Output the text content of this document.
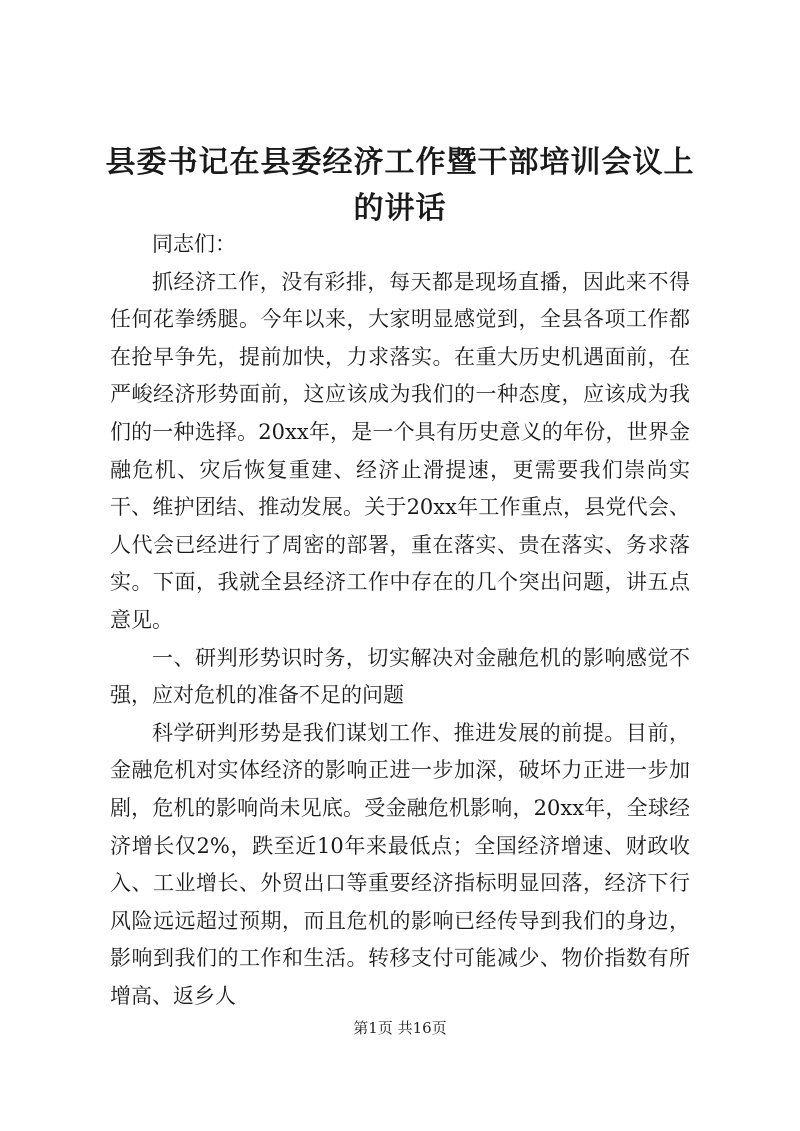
县委书记在县委经济工作暨干部培训会议上的讲话

同志们：

抓经济工作，没有彩排，每天都是现场直播，因此来不得任何花拳绣腿。今年以来，大家明显感觉到，全县各项工作都在抢早争先，提前加快，力求落实。在重大历史机遇面前，在严峻经济形势面前，这应该成为我们的一种态度，应该成为我们的一种选择。20xx年，是一个具有历史意义的年份，世界金融危机、灾后恢复重建、经济止滑提速，更需要我们崇尚实干、维护团结、推动发展。关于20xx年工作重点，县党代会、人代会已经进行了周密的部署，重在落实、贵在落实、务求落实。下面，我就全县经济工作中存在的几个突出问题，讲五点意见。

一、研判形势识时务，切实解决对金融危机的影响感觉不强，应对危机的准备不足的问题

科学研判形势是我们谋划工作、推进发展的前提。目前，金融危机对实体经济的影响正进一步加深，破坏力正进一步加剧，危机的影响尚未见底。受金融危机影响，20xx年，全球经济增长仅2%，跌至近10年来最低点；全国经济增速、财政收入、工业增长、外贸出口等重要经济指标明显回落，经济下行风险远远超过预期，而且危机的影响已经传导到我们的身边，影响到我们的工作和生活。转移支付可能减少、物价指数有所增高、返乡人

第1页 共16页
